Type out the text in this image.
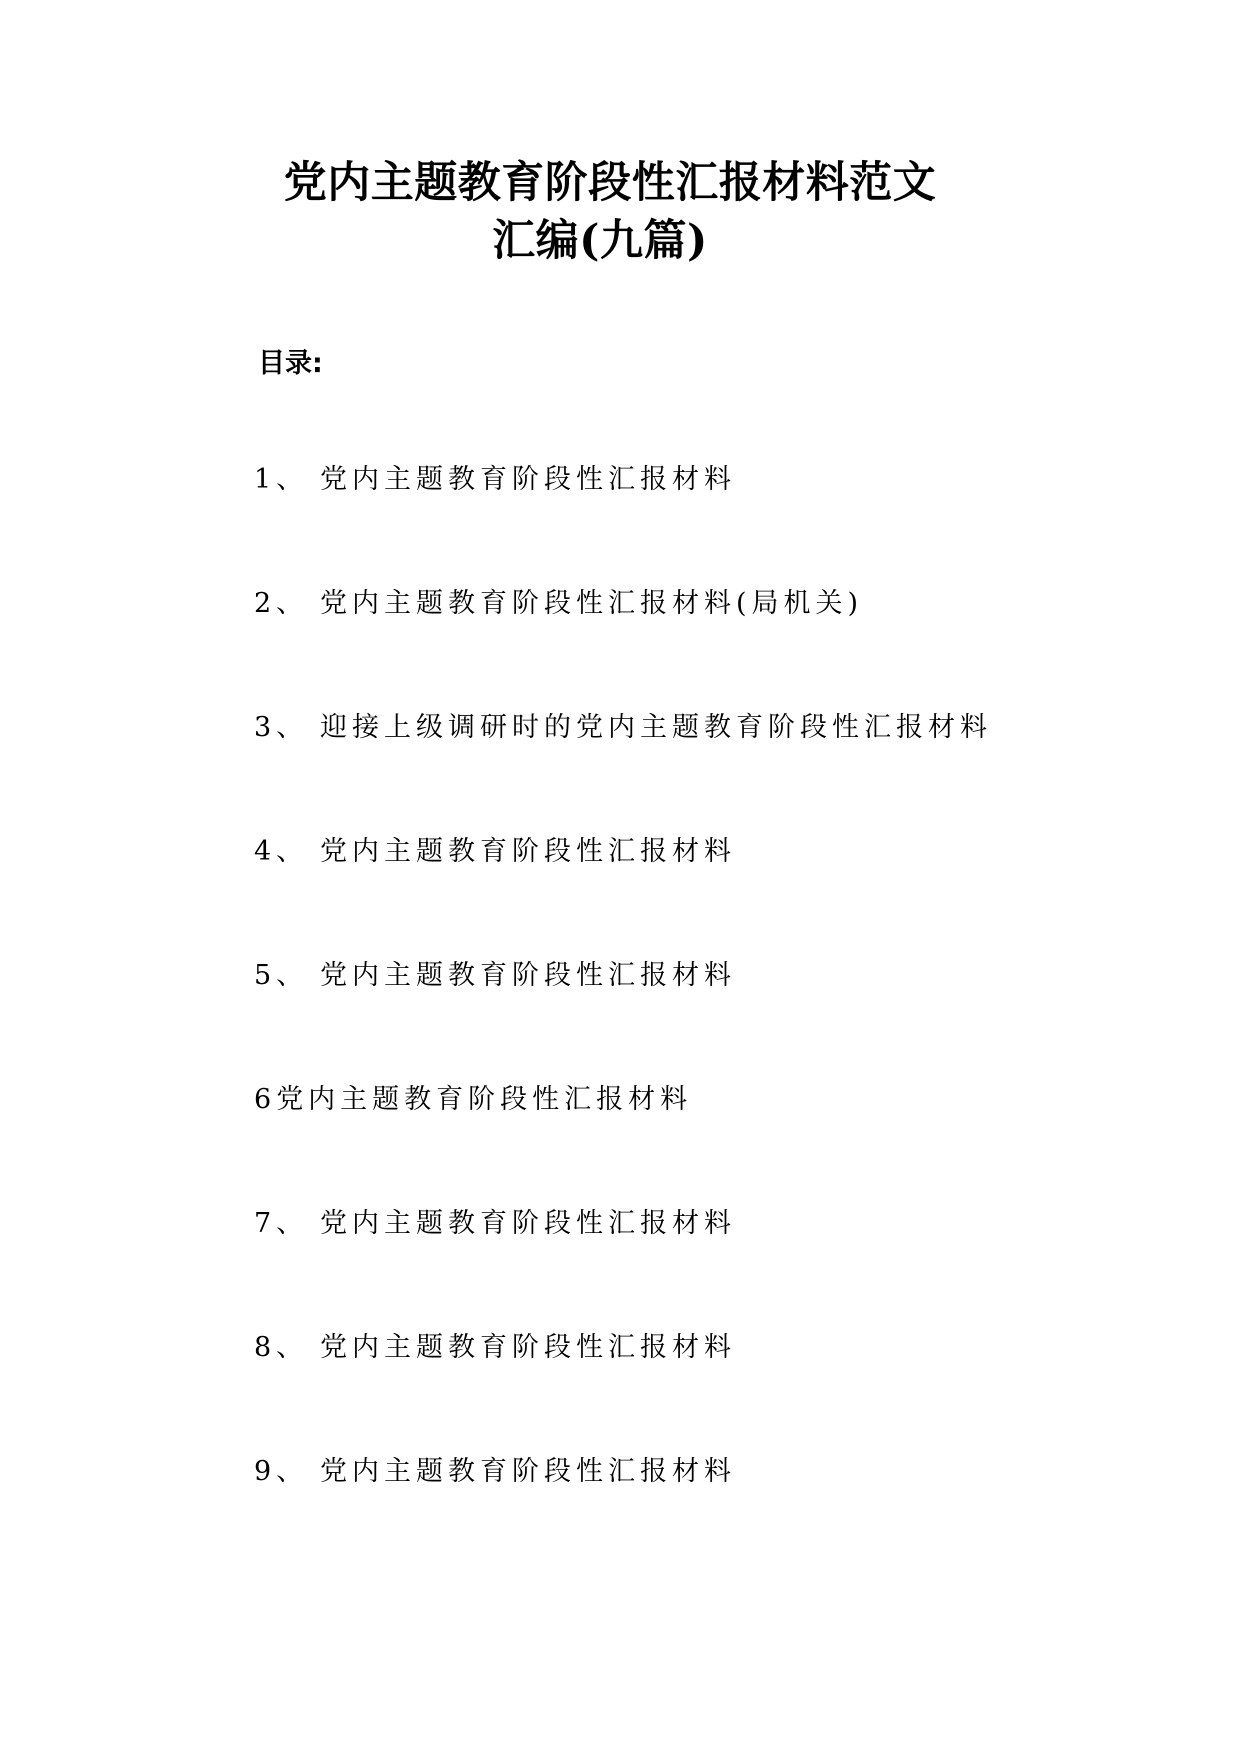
党内主题教育阶段性汇报材料范文
汇编(九篇)
目录:
1、 党内主题教育阶段性汇报材料
2、 党内主题教育阶段性汇报材料(局机关)
3、 迎接上级调研时的党内主题教育阶段性汇报材料
4、 党内主题教育阶段性汇报材料
5、 党内主题教育阶段性汇报材料
6党内主题教育阶段性汇报材料
7、 党内主题教育阶段性汇报材料
8、 党内主题教育阶段性汇报材料
9、 党内主题教育阶段性汇报材料
